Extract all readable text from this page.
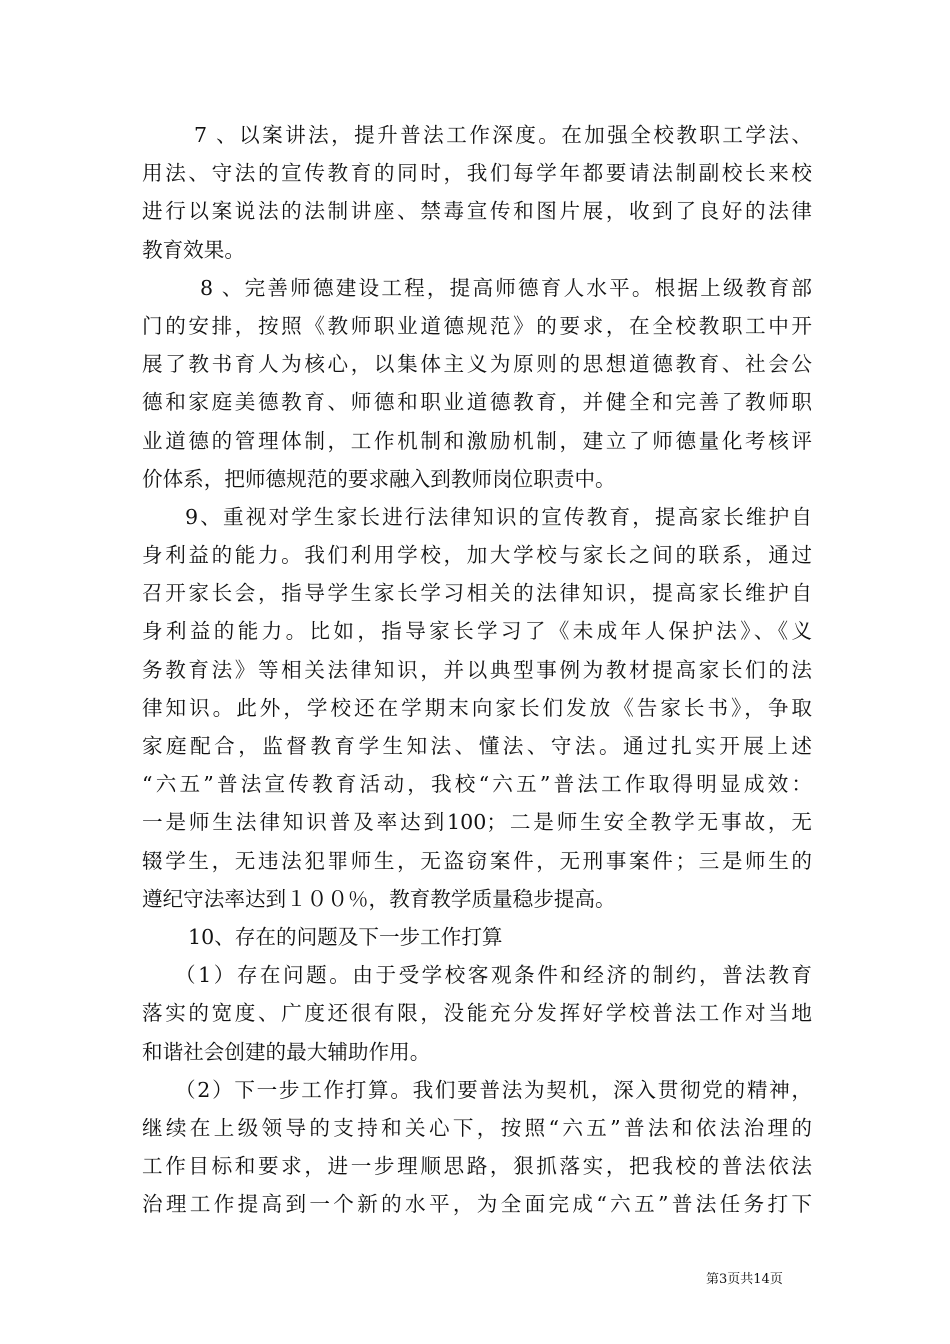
7 、以案讲法，提升普法工作深度。在加强全校教职工学法、
用法、守法的宣传教育的同时，我们每学年都要请法制副校长来校
进行以案说法的法制讲座、禁毒宣传和图片展，收到了良好的法律
教育效果。
8 、完善师德建设工程，提高师德育人水平。根据上级教育部
门的安排，按照《教师职业道德规范》的要求，在全校教职工中开
展了教书育人为核心，以集体主义为原则的思想道德教育、社会公
德和家庭美德教育、师德和职业道德教育，并健全和完善了教师职
业道德的管理体制，工作机制和激励机制，建立了师德量化考核评
价体系，把师德规范的要求融入到教师岗位职责中。
9、重视对学生家长进行法律知识的宣传教育，提高家长维护自
身利益的能力。我们利用学校，加大学校与家长之间的联系，通过
召开家长会，指导学生家长学习相关的法律知识，提高家长维护自
身利益的能力。比如，指导家长学习了《未成年人保护法》、《义
务教育法》等相关法律知识，并以典型事例为教材提高家长们的法
律知识。此外，学校还在学期末向家长们发放《告家长书》，争取
家庭配合，监督教育学生知法、懂法、守法。通过扎实开展上述
“六五”普法宣传教育活动，我校“六五”普法工作取得明显成效：
一是师生法律知识普及率达到100；二是师生安全教学无事故，无
辍学生，无违法犯罪师生，无盗窃案件，无刑事案件；三是师生的
遵纪守法率达到１００％，教育教学质量稳步提高。
10、存在的问题及下一步工作打算
（1）存在问题。由于受学校客观条件和经济的制约，普法教育
落实的宽度、广度还很有限，没能充分发挥好学校普法工作对当地
和谐社会创建的最大辅助作用。
（2）下一步工作打算。我们要普法为契机，深入贯彻党的精神，
继续在上级领导的支持和关心下，按照“六五”普法和依法治理的
工作目标和要求，进一步理顺思路，狠抓落实，把我校的普法依法
治理工作提高到一个新的水平，为全面完成“六五”普法任务打下
第3页共14页
